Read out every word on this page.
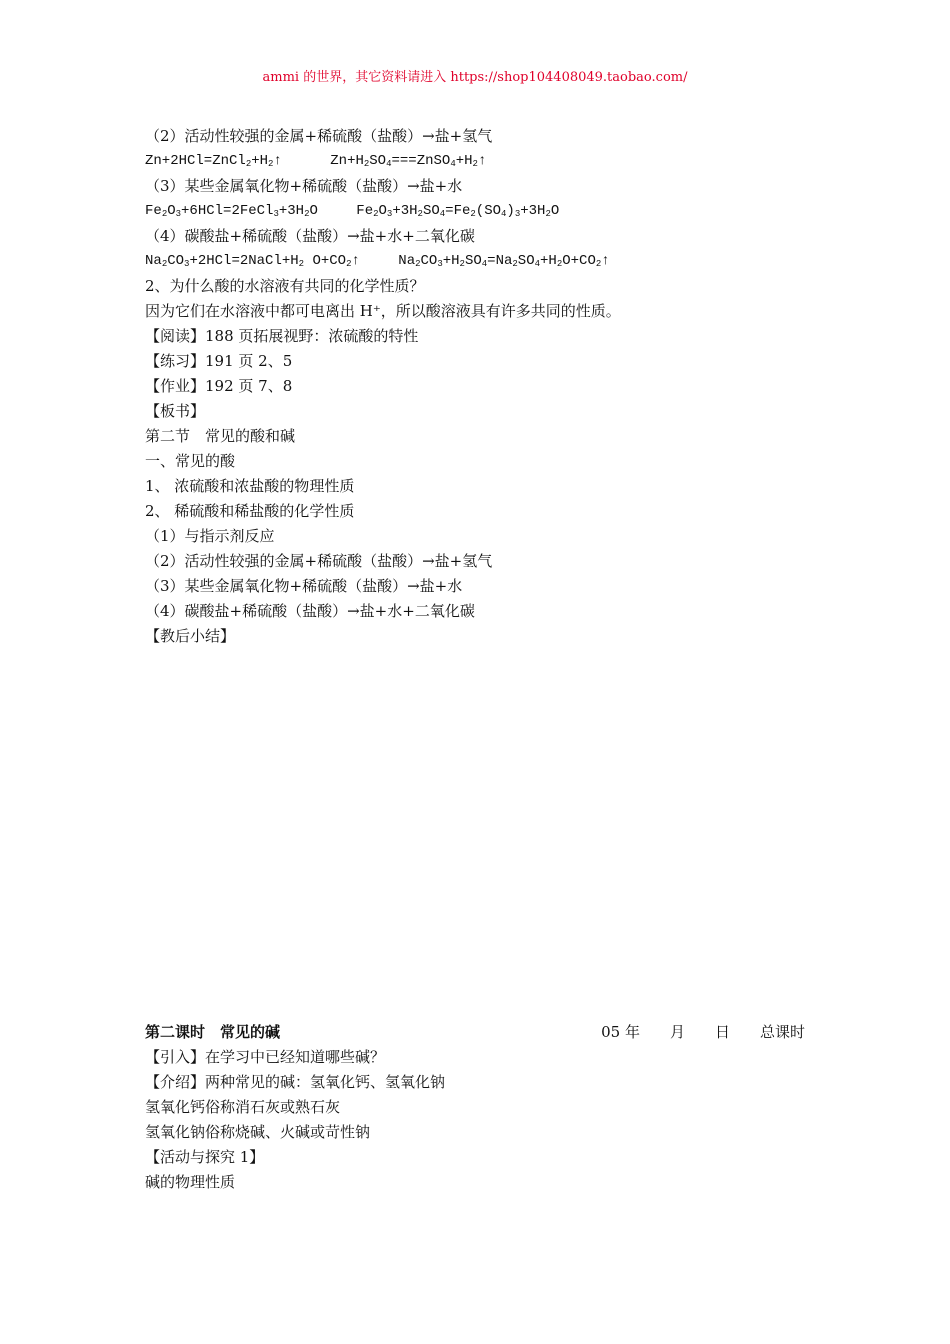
ammi 的世界，其它资料请进入 https://shop104408049.taobao.com/
（2）活动性较强的金属+稀硫酸（盐酸）→盐+氢气
$Zn+2HCl=ZnCl_2+H_2↑$	$Zn+H_2SO_4===ZnSO_4+H_2↑$
（3）某些金属氧化物+稀硫酸（盐酸）→盐+水
$Fe_2O_3+6HCl=2FeCl_3+3H_2O$	$Fe_2O_3+3H_2SO_4=Fe_2(SO_4)_3+3H_2O$
（4）碳酸盐+稀硫酸（盐酸）→盐+水+二氧化碳
$Na_2CO_3+2HCl=2NaCl+H_2$ $O+CO_2↑$	$Na_2CO_3+H_2SO_4=Na_2SO_4+H_2O+CO_2↑$
2、为什么酸的水溶液有共同的化学性质？
因为它们在水溶液中都可电离出 H⁺，所以酸溶液具有许多共同的性质。
【阅读】188 页拓展视野：浓硫酸的特性
【练习】191 页 2、5
【作业】192 页 7、8
【板书】
第二节　常见的酸和碱
一、常见的酸
1、 浓硫酸和浓盐酸的物理性质
2、 稀硫酸和稀盐酸的化学性质
（1）与指示剂反应
（2）活动性较强的金属+稀硫酸（盐酸）→盐+氢气
（3）某些金属氧化物+稀硫酸（盐酸）→盐+水
（4）碳酸盐+稀硫酸（盐酸）→盐+水+二氧化碳
【教后小结】
第二课时　常见的碱	05 年 月 日 总课时
【引入】在学习中已经知道哪些碱？
【介绍】两种常见的碱：氢氧化钙、氢氧化钠
氢氧化钙俗称消石灰或熟石灰
氢氧化钠俗称烧碱、火碱或苛性钠
【活动与探究 1】
碱的物理性质
